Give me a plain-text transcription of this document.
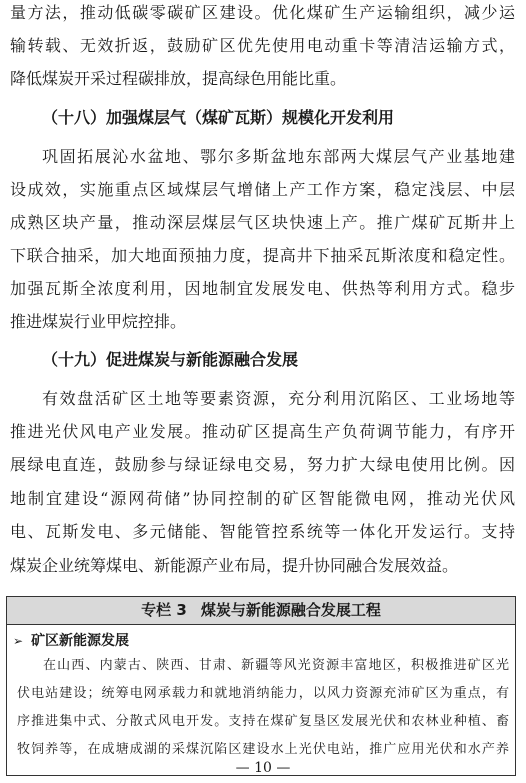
量方法，推动低碳零碳矿区建设。优化煤矿生产运输组织，减少运
输转载、无效折返，鼓励矿区优先使用电动重卡等清洁运输方式，
降低煤炭开采过程碳排放，提高绿色用能比重。
（十八）加强煤层气（煤矿瓦斯）规模化开发利用
巩固拓展沁水盆地、鄂尔多斯盆地东部两大煤层气产业基地建
设成效，实施重点区域煤层气增储上产工作方案，稳定浅层、中层
成熟区块产量，推动深层煤层气区块快速上产。推广煤矿瓦斯井上
下联合抽采，加大地面预抽力度，提高井下抽采瓦斯浓度和稳定性。
加强瓦斯全浓度利用，因地制宜发展发电、供热等利用方式。稳步
推进煤炭行业甲烷控排。
（十九）促进煤炭与新能源融合发展
有效盘活矿区土地等要素资源，充分利用沉陷区、工业场地等
推进光伏风电产业发展。推动矿区提高生产负荷调节能力，有序开
展绿电直连，鼓励参与绿证绿电交易，努力扩大绿电使用比例。因
地制宜建设“源网荷储”协同控制的矿区智能微电网，推动光伏风
电、瓦斯发电、多元储能、智能管控系统等一体化开发运行。支持
煤炭企业统筹煤电、新能源产业布局，提升协同融合发展效益。
专栏 3 煤炭与新能源融合发展工程
➢ 矿区新能源发展
在山西、内蒙古、陕西、甘肃、新疆等风光资源丰富地区，积极推进矿区光
伏电站建设；统筹电网承载力和就地消纳能力，以风力资源充沛矿区为重点，有
序推进集中式、分散式风电开发。支持在煤矿复垦区发展光伏和农林业种植、畜
牧饲养等，在成塘成湖的采煤沉陷区建设水上光伏电站，推广应用光伏和水产养
— 10 —
